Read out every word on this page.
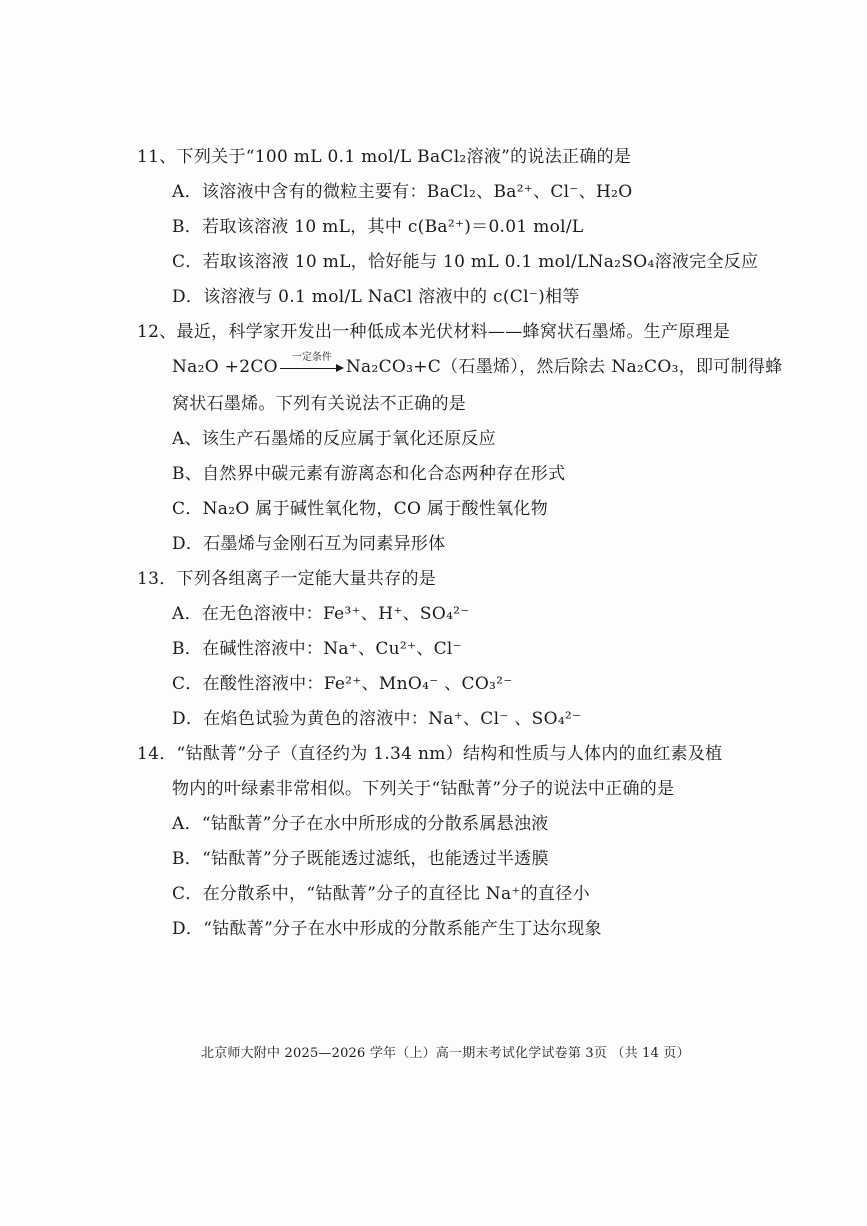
11、下列关于“100 mL 0.1 mol/L BaCl₂溶液”的说法正确的是
A．该溶液中含有的微粒主要有：BaCl₂、Ba²⁺、Cl⁻、H₂O
B．若取该溶液 10 mL，其中 c(Ba²⁺)＝0.01 mol/L
C．若取该溶液 10 mL，恰好能与 10 mL 0.1 mol/LNa₂SO₄溶液完全反应
D．该溶液与 0.1 mol/L NaCl 溶液中的 c(Cl⁻)相等
12、最近，科学家开发出一种低成本光伏材料——蜂窝状石墨烯。生产原理是
Na₂O +2CO	一定条件 Na₂CO₃+C（石墨烯），然后除去 Na₂CO₃，即可制得蜂
窝状石墨烯。下列有关说法不正确的是
A、该生产石墨烯的反应属于氧化还原反应
B、自然界中碳元素有游离态和化合态两种存在形式
C．Na₂O 属于碱性氧化物，CO 属于酸性氧化物
D．石墨烯与金刚石互为同素异形体
13．下列各组离子一定能大量共存的是
A．在无色溶液中：Fe³⁺、H⁺、SO₄²⁻
B．在碱性溶液中：Na⁺、Cu²⁺、Cl⁻
C．在酸性溶液中：Fe²⁺、MnO₄⁻ 、CO₃²⁻
D．在焰色试验为黄色的溶液中：Na⁺、Cl⁻ 、SO₄²⁻
14．“钴酞菁”分子（直径约为 1.34 nm）结构和性质与人体内的血红素及植
物内的叶绿素非常相似。下列关于“钴酞菁”分子的说法中正确的是
A．“钴酞菁”分子在水中所形成的分散系属悬浊液
B．“钴酞菁”分子既能透过滤纸，也能透过半透膜
C．在分散系中，“钴酞菁”分子的直径比 Na⁺的直径小
D．“钴酞菁”分子在水中形成的分散系能产生丁达尔现象
北京师大附中 2025—2026 学年（上）高一期末考试化学试卷第 3页 （共 14 页）
